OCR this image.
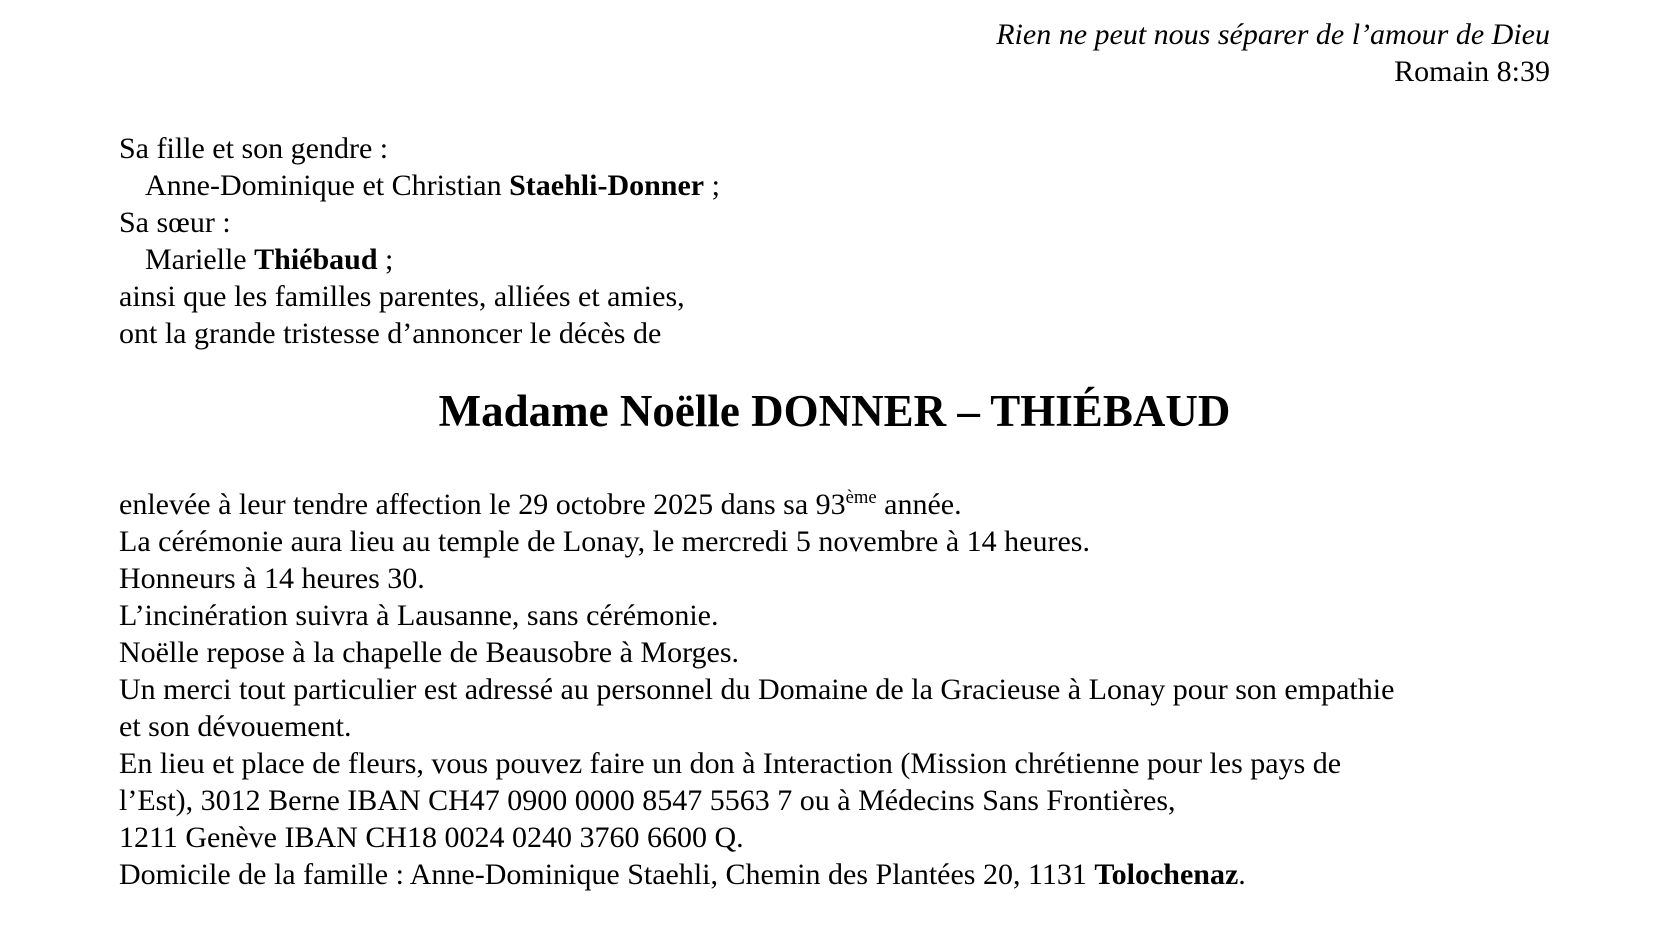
Rien ne peut nous séparer de l’amour de Dieu
Romain 8:39
Sa fille et son gendre :
Anne-Dominique et Christian Staehli-Donner ;
Sa sœur :
Marielle Thiébaud ;
ainsi que les familles parentes, alliées et amies,
ont la grande tristesse d’annoncer le décès de
Madame Noëlle DONNER – THIÉBAUD
enlevée à leur tendre affection le 29 octobre 2025 dans sa 93ème année.
La cérémonie aura lieu au temple de Lonay, le mercredi 5 novembre à 14 heures.
Honneurs à 14 heures 30.
L’incinération suivra à Lausanne, sans cérémonie.
Noëlle repose à la chapelle de Beausobre à Morges.
Un merci tout particulier est adressé au personnel du Domaine de la Gracieuse à Lonay pour son empathie
et son dévouement.
En lieu et place de fleurs, vous pouvez faire un don à Interaction (Mission chrétienne pour les pays de
l’Est), 3012 Berne IBAN CH47 0900 0000 8547 5563 7 ou à Médecins Sans Frontières,
1211 Genève IBAN CH18 0024 0240 3760 6600 Q.
Domicile de la famille : Anne-Dominique Staehli, Chemin des Plantées 20, 1131 Tolochenaz.
